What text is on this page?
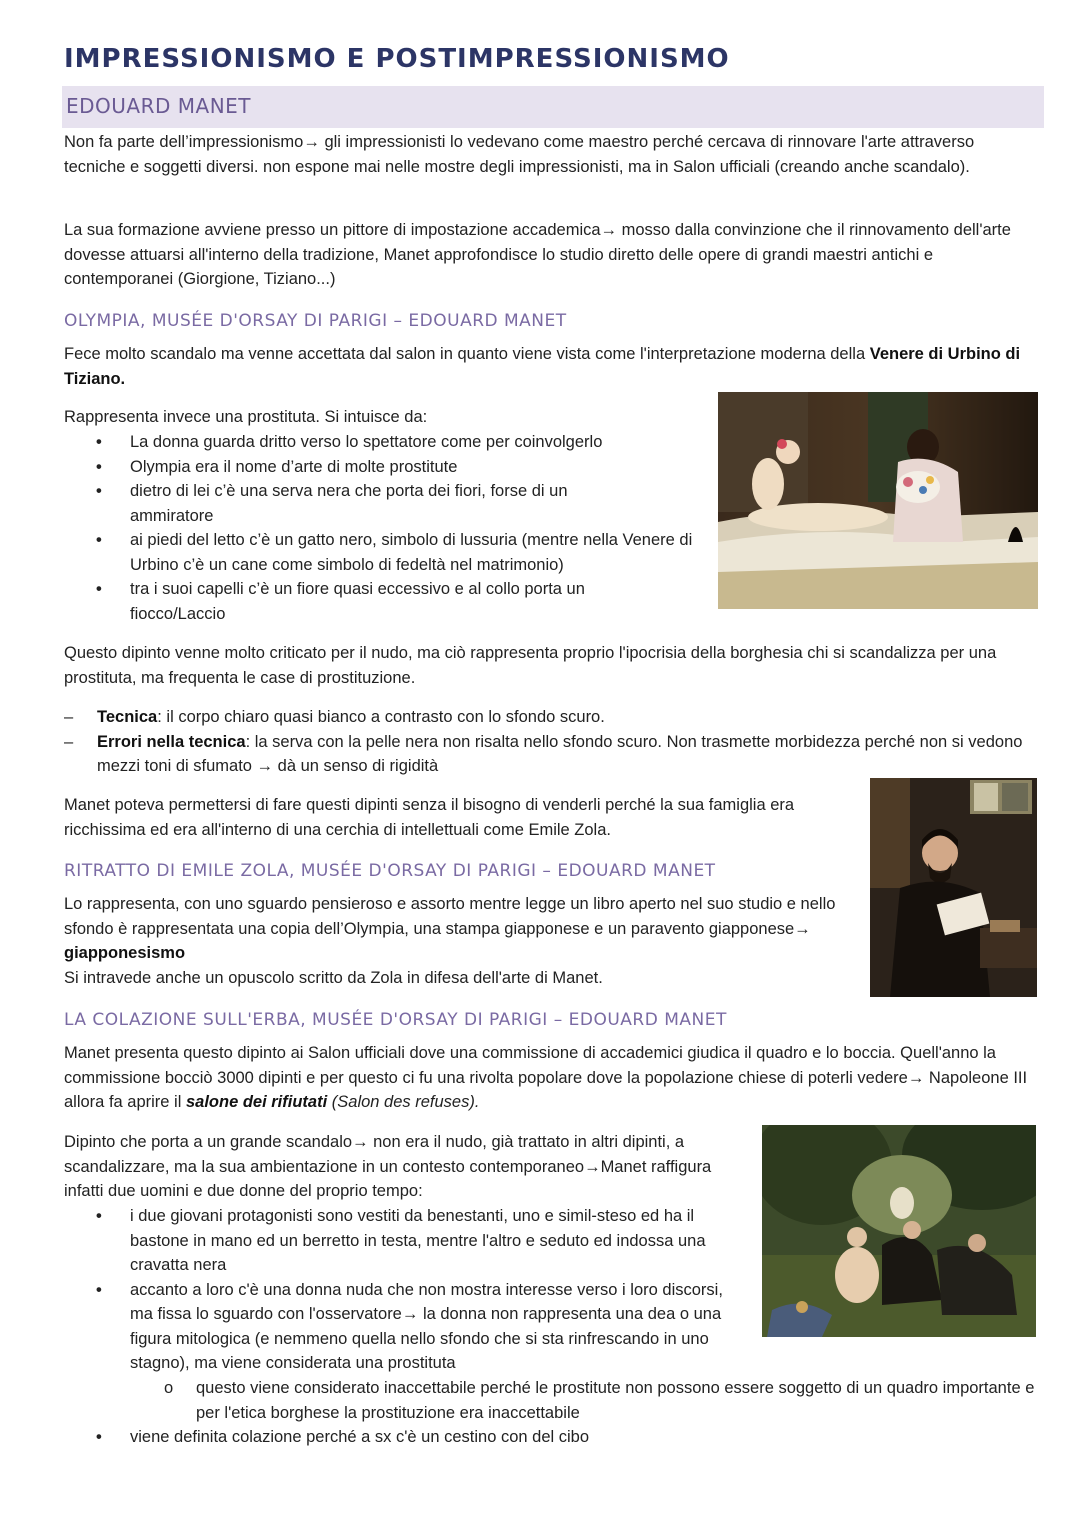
IMPRESSIONISMO E POSTIMPRESSIONISMO
EDOUARD MANET
Non fa parte dell’impressionismo→ gli impressionisti lo vedevano come maestro perché cercava di rinnovare l'arte attraverso tecniche e soggetti diversi. non espone mai nelle mostre degli impressionisti, ma in Salon ufficiali (creando anche scandalo).
La sua formazione avviene presso un pittore di impostazione accademica→ mosso dalla convinzione che il rinnovamento dell'arte dovesse attuarsi all'interno della tradizione, Manet approfondisce lo studio diretto delle opere di grandi maestri antichi e contemporanei (Giorgione, Tiziano...)
OLYMPIA, MUSÉE D'ORSAY DI PARIGI – EDOUARD MANET
Fece molto scandalo ma venne accettata dal salon in quanto viene vista come l'interpretazione moderna della Venere di Urbino di Tiziano.
Rappresenta invece una prostituta. Si intuisce da:
• La donna guarda dritto verso lo spettatore come per coinvolgerlo
• Olympia era il nome d’arte di molte prostitute
• dietro di lei c’è una serva nera che porta dei fiori, forse di un ammiratore
• ai piedi del letto c’è un gatto nero, simbolo di lussuria (mentre nella Venere di Urbino c’è un cane come simbolo di fedeltà nel matrimonio)
• tra i suoi capelli c’è un fiore quasi eccessivo e al collo porta un fiocco/Laccio
Questo dipinto venne molto criticato per il nudo, ma ciò rappresenta proprio l'ipocrisia della borghesia chi si scandalizza per una prostituta, ma frequenta le case di prostituzione.
– Tecnica: il corpo chiaro quasi bianco a contrasto con lo sfondo scuro.
– Errori nella tecnica: la serva con la pelle nera non risalta nello sfondo scuro. Non trasmette morbidezza perché non si vedono mezzi toni di sfumato → dà un senso di rigidità
Manet poteva permettersi di fare questi dipinti senza il bisogno di venderli perché la sua famiglia era ricchissima ed era all'interno di una cerchia di intellettuali come Emile Zola.
RITRATTO DI EMILE ZOLA, MUSÉE D'ORSAY DI PARIGI – EDOUARD MANET
Lo rappresenta, con uno sguardo pensieroso e assorto mentre legge un libro aperto nel suo studio e nello sfondo è rappresentata una copia dell’Olympia, una stampa giapponese e un paravento giapponese→ giapponesismo
Si intravede anche un opuscolo scritto da Zola in difesa dell'arte di Manet.
LA COLAZIONE SULL'ERBA, MUSÉE D'ORSAY DI PARIGI – EDOUARD MANET
Manet presenta questo dipinto ai Salon ufficiali dove una commissione di accademici giudica il quadro e lo boccia. Quell'anno la commissione bocciò 3000 dipinti e per questo ci fu una rivolta popolare dove la popolazione chiese di poterli vedere→ Napoleone III allora fa aprire il salone dei rifiutati (Salon des refuses).
Dipinto che porta a un grande scandalo→ non era il nudo, già trattato in altri dipinti, a scandalizzare, ma la sua ambientazione in un contesto contemporaneo→Manet raffigura infatti due uomini e due donne del proprio tempo:
• i due giovani protagonisti sono vestiti da benestanti, uno e simil-steso ed ha il bastone in mano ed un berretto in testa, mentre l'altro e seduto ed indossa una cravatta nera
• accanto a loro c'è una donna nuda che non mostra interesse verso i loro discorsi, ma fissa lo sguardo con l'osservatore→ la donna non rappresenta una dea o una figura mitologica (e nemmeno quella nello sfondo che si sta rinfrescando in uno stagno), ma viene considerata una prostituta
o questo viene considerato inaccettabile perché le prostitute non possono essere soggetto di un quadro importante e per l'etica borghese la prostituzione era inaccettabile
• viene definita colazione perché a sx c'è un cestino con del cibo
